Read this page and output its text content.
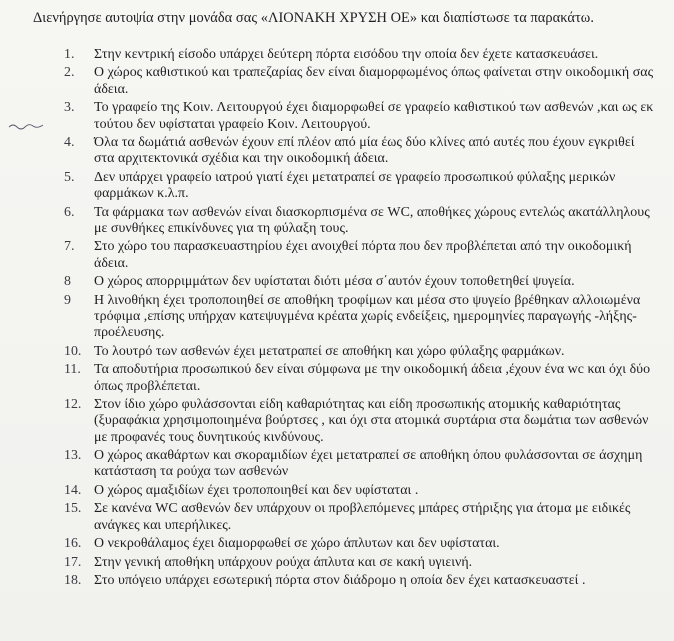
Διενήργησε αυτοψία στην μονάδα σας «ΛΙΟΝΑΚΗ ΧΡΥΣΗ ΟΕ» και διαπίστωσε τα παρακάτω.

1.	Στην κεντρική είσοδο υπάρχει δεύτερη πόρτα εισόδου την οποία δεν έχετε κατασκευάσει.
2.	Ο χώρος καθιστικού και τραπεζαρίας δεν είναι διαμορφωμένος όπως φαίνεται στην οικοδομική σας άδεια.
3.	Το γραφείο της Κοιν. Λειτουργού έχει διαμορφωθεί σε γραφείο καθιστικού των ασθενών ,και ως εκ τούτου δεν υφίσταται γραφείο Κοιν. Λειτουργού.
4.	Όλα τα δωμάτιά ασθενών έχουν επί πλέον από μία έως δύο κλίνες από αυτές που έχουν εγκριθεί στα αρχιτεκτονικά σχέδια και την οικοδομική άδεια.
5.	Δεν υπάρχει γραφείο ιατρού γιατί έχει μετατραπεί σε γραφείο προσωπικού φύλαξης μερικών φαρμάκων κ.λ.π.
6.	Τα φάρμακα των ασθενών είναι διασκορπισμένα σε WC, αποθήκες χώρους εντελώς ακατάλληλους με συνθήκες επικίνδυνες για τη φύλαξη τους.
7.	Στο χώρο του παρασκευαστηρίου έχει ανοιχθεί πόρτα που δεν προβλέπεται από την οικοδομική άδεια.
8	Ο χώρος απορριμμάτων δεν υφίσταται διότι μέσα σ΄αυτόν έχουν τοποθετηθεί ψυγεία.
9	Η λινοθήκη έχει τροποποιηθεί σε αποθήκη τροφίμων και μέσα στο ψυγείο βρέθηκαν αλλοιωμένα τρόφιμα ,επίσης υπήρχαν κατεψυγμένα κρέατα χωρίς ενδείξεις, ημερομηνίες παραγωγής -λήξης- προέλευσης.
10. Το λουτρό των ασθενών έχει μετατραπεί σε αποθήκη και χώρο φύλαξης φαρμάκων.
11. Τα αποδυτήρια προσωπικού δεν είναι σύμφωνα με την οικοδομική άδεια ,έχουν ένα wc και όχι δύο όπως προβλέπεται.
12. Στον ίδιο χώρο φυλάσσονται είδη καθαριότητας και είδη προσωπικής ατομικής καθαριότητας (ξυραφάκια χρησιμοποιημένα βούρτσες , και όχι στα ατομικά συρτάρια στα δωμάτια των ασθενών με προφανές τους δυνητικούς κινδύνους.
13. Ο χώρος ακαθάρτων και σκοραμιδίων έχει μετατραπεί σε αποθήκη όπου φυλάσσονται σε άσχημη κατάσταση τα ρούχα των ασθενών
14. Ο χώρος αμαξιδίων έχει τροποποιηθεί και δεν υφίσταται .
15. Σε κανένα WC ασθενών δεν υπάρχουν οι προβλεπόμενες μπάρες στήριξης για άτομα με ειδικές ανάγκες και υπερήλικες.
16. Ο νεκροθάλαμος έχει διαμορφωθεί σε χώρο άπλυτων και δεν υφίσταται.
17. Στην γενική αποθήκη υπάρχουν ρούχα άπλυτα και σε κακή υγιεινή.
18. Στο υπόγειο υπάρχει εσωτερική πόρτα στον διάδρομο η οποία δεν έχει κατασκευαστεί .
